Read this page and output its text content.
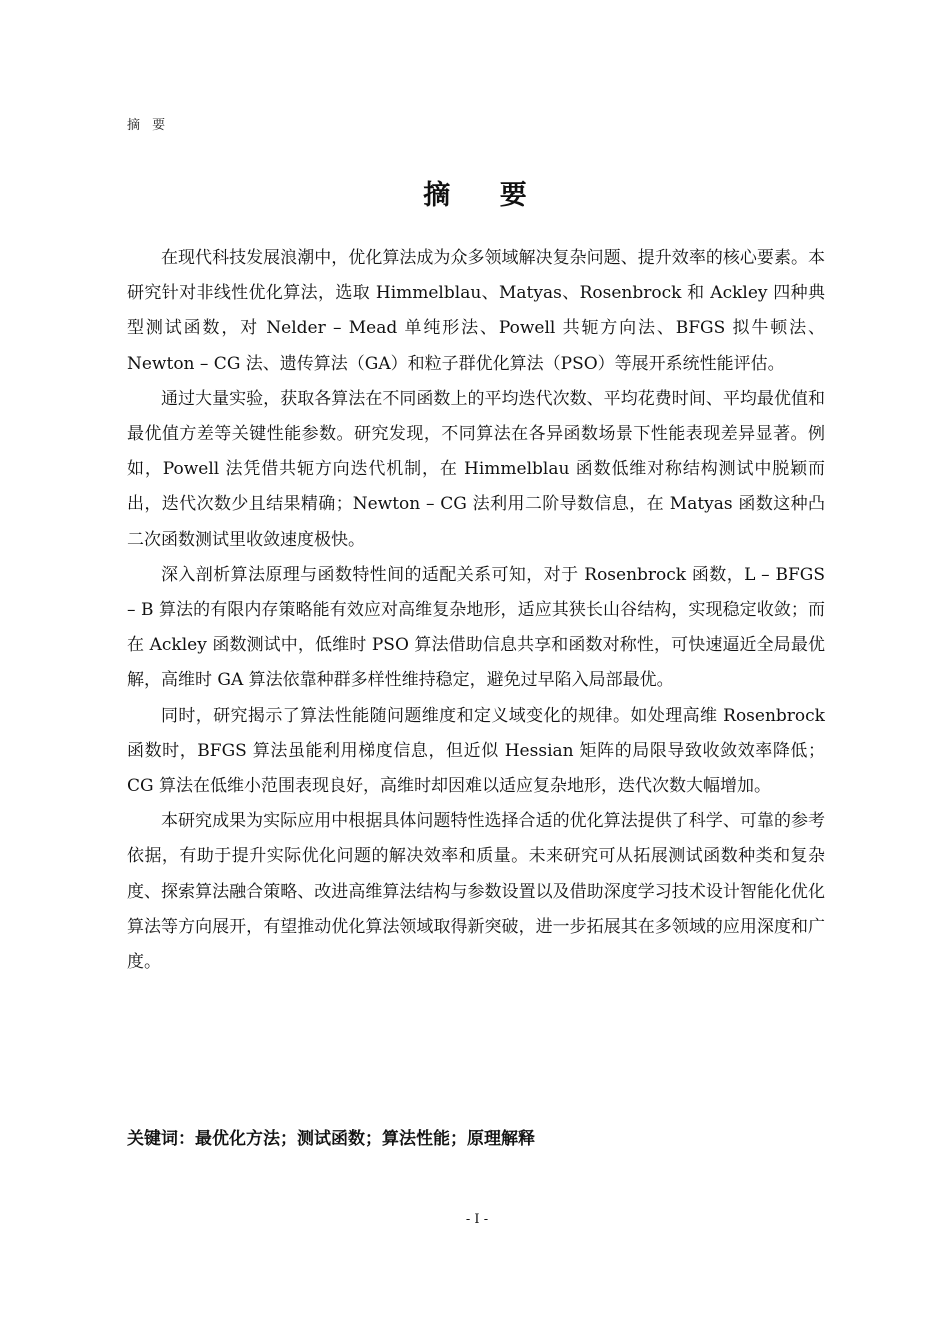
摘 要
摘 要

在现代科技发展浪潮中，优化算法成为众多领域解决复杂问题、提升效率的核心要素。本研究针对非线性优化算法，选取 Himmelblau、Matyas、Rosenbrock 和 Ackley 四种典型测试函数，对 Nelder – Mead 单纯形法、Powell 共轭方向法、BFGS 拟牛顿法、Newton – CG 法、遗传算法（GA）和粒子群优化算法（PSO）等展开系统性能评估。

通过大量实验，获取各算法在不同函数上的平均迭代次数、平均花费时间、平均最优值和最优值方差等关键性能参数。研究发现，不同算法在各异函数场景下性能表现差异显著。例如，Powell 法凭借共轭方向迭代机制，在 Himmelblau 函数低维对称结构测试中脱颖而出，迭代次数少且结果精确；Newton – CG 法利用二阶导数信息，在 Matyas 函数这种凸二次函数测试里收敛速度极快。

深入剖析算法原理与函数特性间的适配关系可知，对于 Rosenbrock 函数，L – BFGS – B 算法的有限内存策略能有效应对高维复杂地形，适应其狭长山谷结构，实现稳定收敛；而在 Ackley 函数测试中，低维时 PSO 算法借助信息共享和函数对称性，可快速逼近全局最优解，高维时 GA 算法依靠种群多样性维持稳定，避免过早陷入局部最优。

同时，研究揭示了算法性能随问题维度和定义域变化的规律。如处理高维 Rosenbrock 函数时，BFGS 算法虽能利用梯度信息，但近似 Hessian 矩阵的局限导致收敛效率降低；CG 算法在低维小范围表现良好，高维时却因难以适应复杂地形，迭代次数大幅增加。

本研究成果为实际应用中根据具体问题特性选择合适的优化算法提供了科学、可靠的参考依据，有助于提升实际优化问题的解决效率和质量。未来研究可从拓展测试函数种类和复杂度、探索算法融合策略、改进高维算法结构与参数设置以及借助深度学习技术设计智能化优化算法等方向展开，有望推动优化算法领域取得新突破，进一步拓展其在多领域的应用深度和广度。

关键词：最优化方法；测试函数；算法性能；原理解释
- I -
